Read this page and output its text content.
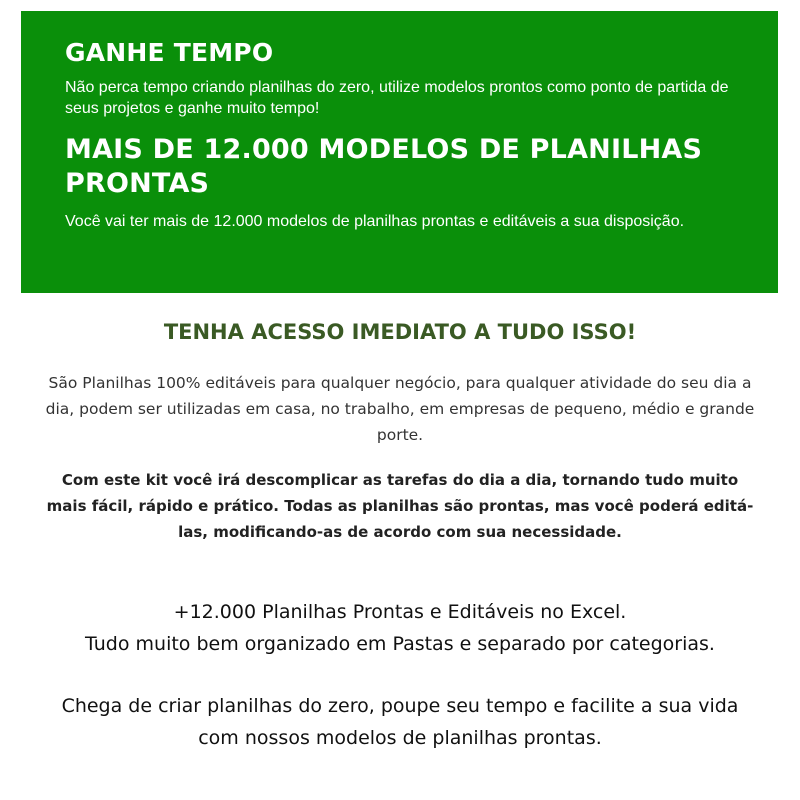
GANHE TEMPO

Não perca tempo criando planilhas do zero, utilize modelos prontos como ponto de partida de seus projetos e ganhe muito tempo!

MAIS DE 12.000 MODELOS DE PLANILHAS PRONTAS

Você vai ter mais de 12.000 modelos de planilhas prontas e editáveis a sua disposição.

TENHA ACESSO IMEDIATO A TUDO ISSO!

São Planilhas 100% editáveis para qualquer negócio, para qualquer atividade do seu dia a dia, podem ser utilizadas em casa, no trabalho, em empresas de pequeno, médio e grande porte.

Com este kit você irá descomplicar as tarefas do dia a dia, tornando tudo muito mais fácil, rápido e prático. Todas as planilhas são prontas, mas você poderá editá-las, modificando-as de acordo com sua necessidade.

+12.000 Planilhas Prontas e Editáveis no Excel.

Tudo muito bem organizado em Pastas e separado por categorias.

Chega de criar planilhas do zero, poupe seu tempo e facilite a sua vida

com nossos modelos de planilhas prontas.
